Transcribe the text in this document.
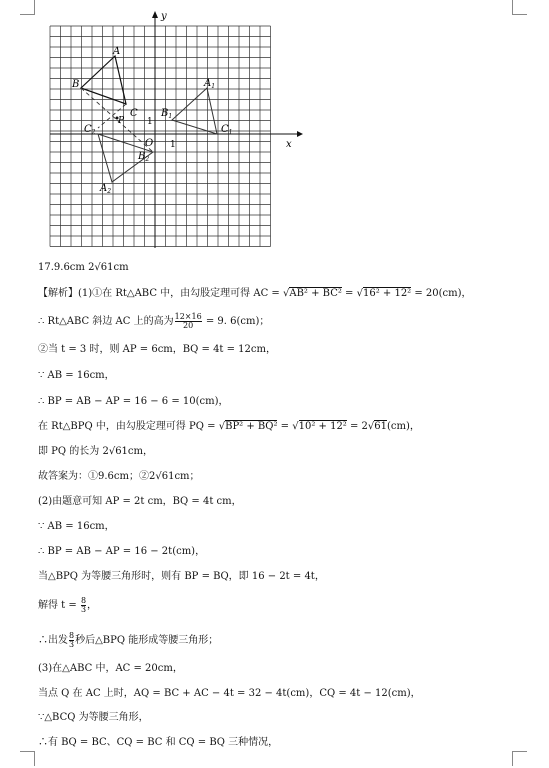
x
y
O 1
1
A
B
C
P
$A_1$
$B_1$
$C_1$
$A_2$
$B_2$
$C_2$
17.9.6cm 2√61cm
【解析】(1)①在 Rt△ABC 中，由勾股定理可得 AC = √AB² + BC² = √16² + 12² = 20(cm)，
∴ Rt△ABC 斜边 AC 上的高为 $\frac{12\times 16}{20} = 9$. 6(cm)；
②当 t = 3 时，则 AP = 6cm，BQ = 4t = 12cm，
∵ AB = 16cm，
∴ BP = AB − AP = 16 − 6 = 10(cm)，
在 Rt△BPQ 中，由勾股定理可得 PQ = √BP² + BQ² = √10² + 12² = 2√61(cm)，
即 PQ 的长为 2√61cm，
故答案为：①9.6cm；②2√61cm；
(2)由题意可知 AP = 2t cm，BQ = 4t cm，
∵ AB = 16cm，
∴ BP = AB − AP = 16 − 2t(cm)，
当△BPQ 为等腰三角形时，则有 BP = BQ，即 16 − 2t = 4t，
解得 $t = \frac{8}{3}$ ，
∴出发 $\frac{8}{3}$ 秒后△BPQ 能形成等腰三角形；
(3)在△ABC 中，AC = 20cm，
当点 Q 在 AC 上时，AQ = BC + AC − 4t = 32 − 4t(cm)，CQ = 4t − 12(cm)，
∵△BCQ 为等腰三角形，
∴有 BQ = BC、CQ = BC 和 CQ = BQ 三种情况，
